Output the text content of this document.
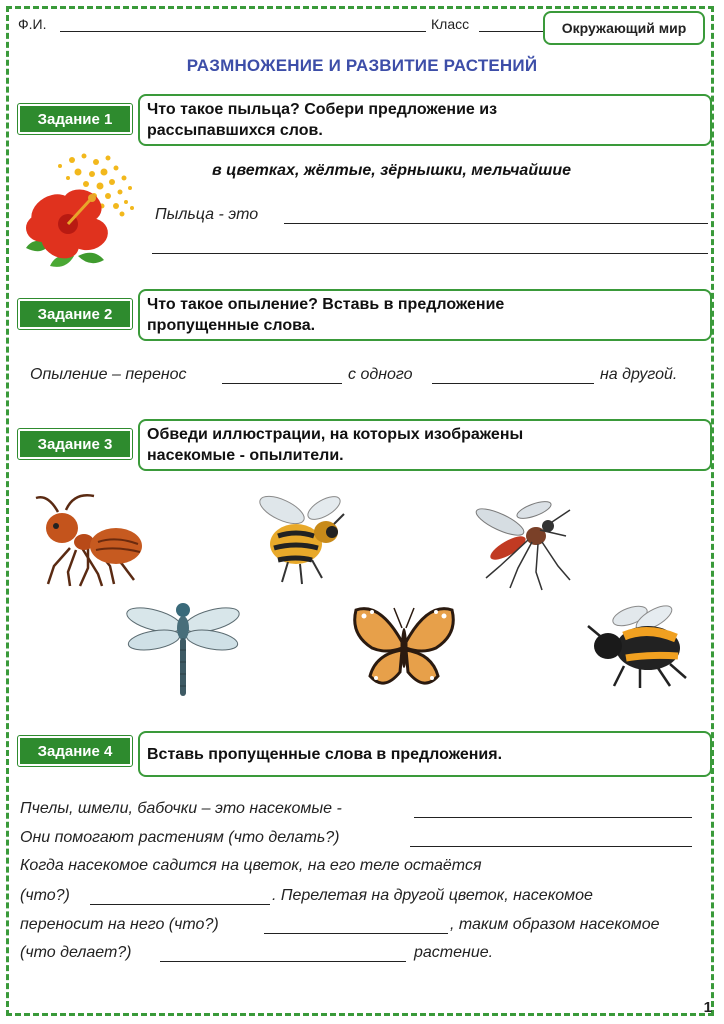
Ф.И.	Класс	Окружающий мир
РАЗМНОЖЕНИЕ И РАЗВИТИЕ РАСТЕНИЙ
Что такое пыльца? Собери предложение из
рассыпавшихся слов.
Задание 1
в цветках, жёлтые, зёрнышки, мельчайшие
Пыльца - это
Что такое опыление? Вставь в предложение
пропущенные слова.
Задание 2
Опыление – перенос	с одного	на другой.
Обведи иллюстрации, на которых изображены
насекомые - опылители.
Задание 3
Вставь пропущенные слова в предложения.
Задание 4
Пчелы, шмели, бабочки – это насекомые -
Они помогают растениям (что делать?)
Когда насекомое садится на цветок, на его теле остаётся
(что?)	. Перелетая на другой цветок, насекомое
переносит на него (что?)	, таким образом насекомое
(что делает?)	растение.
1
